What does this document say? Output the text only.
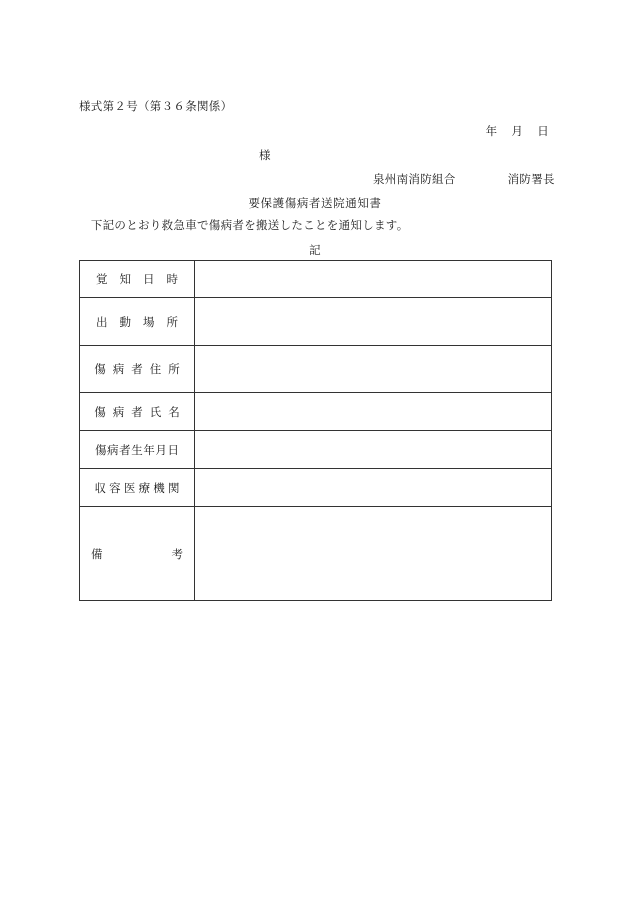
様式第２号（第３６条関係）
年 月 日
様
泉州南消防組合	消防署長
要保護傷病者送院通知書
　下記のとおり救急車で傷病者を搬送したことを通知します。
記
覚知日時	
出動場所	
傷病者住所	
傷病者氏名	
傷病者生年月日	
収容医療機関	

備 考	
